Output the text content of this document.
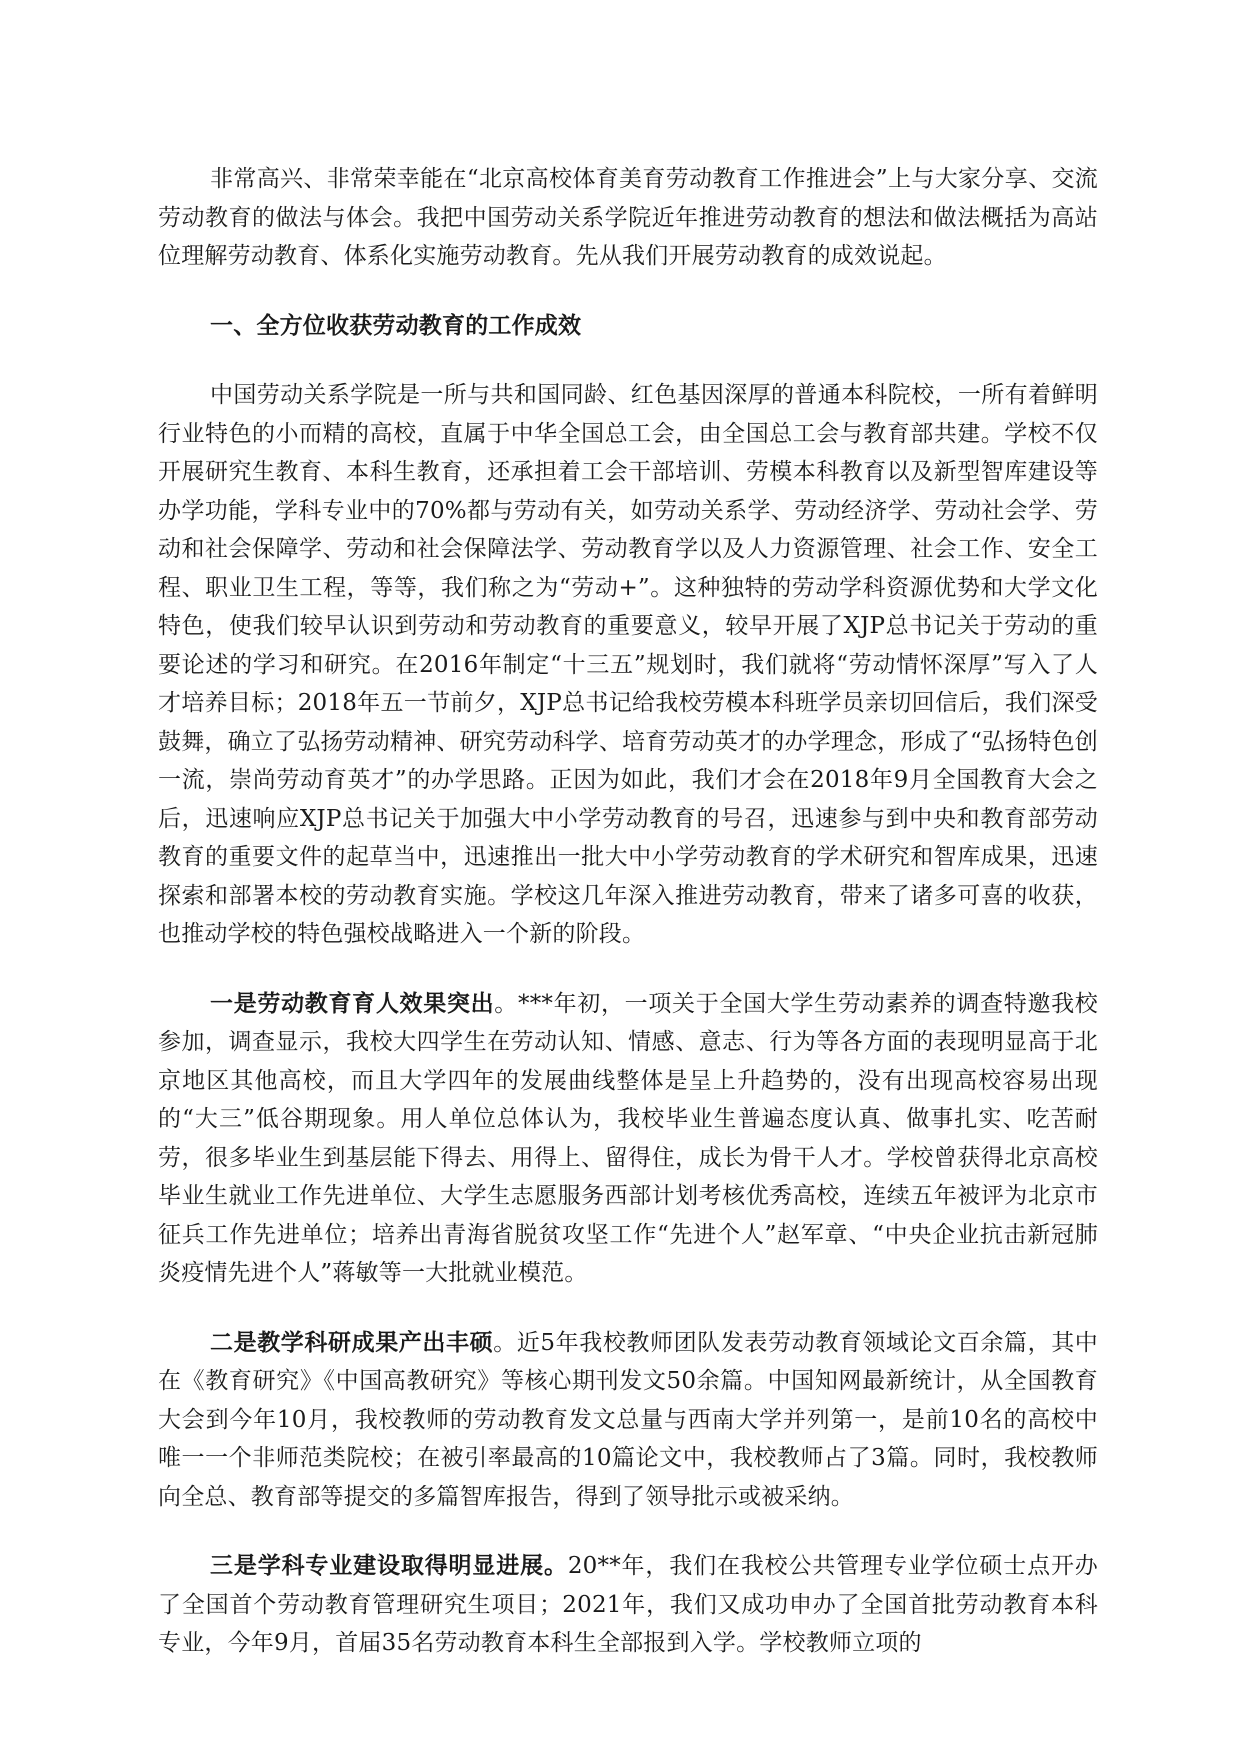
非常高兴、非常荣幸能在“北京高校体育美育劳动教育工作推进会”上与大家分享、交流劳动教育的做法与体会。我把中国劳动关系学院近年推进劳动教育的想法和做法概括为高站位理解劳动教育、体系化实施劳动教育。先从我们开展劳动教育的成效说起。

一、全方位收获劳动教育的工作成效

中国劳动关系学院是一所与共和国同龄、红色基因深厚的普通本科院校，一所有着鲜明行业特色的小而精的高校，直属于中华全国总工会，由全国总工会与教育部共建。学校不仅开展研究生教育、本科生教育，还承担着工会干部培训、劳模本科教育以及新型智库建设等办学功能，学科专业中的70%都与劳动有关，如劳动关系学、劳动经济学、劳动社会学、劳动和社会保障学、劳动和社会保障法学、劳动教育学以及人力资源管理、社会工作、安全工程、职业卫生工程，等等，我们称之为“劳动+”。这种独特的劳动学科资源优势和大学文化特色，使我们较早认识到劳动和劳动教育的重要意义，较早开展了XJP总书记关于劳动的重要论述的学习和研究。在2016年制定“十三五”规划时，我们就将“劳动情怀深厚”写入了人才培养目标；2018年五一节前夕，XJP总书记给我校劳模本科班学员亲切回信后，我们深受鼓舞，确立了弘扬劳动精神、研究劳动科学、培育劳动英才的办学理念，形成了“弘扬特色创一流，崇尚劳动育英才”的办学思路。正因为如此，我们才会在2018年9月全国教育大会之后，迅速响应XJP总书记关于加强大中小学劳动教育的号召，迅速参与到中央和教育部劳动教育的重要文件的起草当中，迅速推出一批大中小学劳动教育的学术研究和智库成果，迅速探索和部署本校的劳动教育实施。学校这几年深入推进劳动教育，带来了诸多可喜的收获，也推动学校的特色强校战略进入一个新的阶段。

一是劳动教育育人效果突出。***年初，一项关于全国大学生劳动素养的调查特邀我校参加，调查显示，我校大四学生在劳动认知、情感、意志、行为等各方面的表现明显高于北京地区其他高校，而且大学四年的发展曲线整体是呈上升趋势的，没有出现高校容易出现的“大三”低谷期现象。用人单位总体认为，我校毕业生普遍态度认真、做事扎实、吃苦耐劳，很多毕业生到基层能下得去、用得上、留得住，成长为骨干人才。学校曾获得北京高校毕业生就业工作先进单位、大学生志愿服务西部计划考核优秀高校，连续五年被评为北京市征兵工作先进单位；培养出青海省脱贫攻坚工作“先进个人”赵军章、“中央企业抗击新冠肺炎疫情先进个人”蒋敏等一大批就业模范。

二是教学科研成果产出丰硕。近5年我校教师团队发表劳动教育领域论文百余篇，其中在《教育研究》《中国高教研究》等核心期刊发文50余篇。中国知网最新统计，从全国教育大会到今年10月，我校教师的劳动教育发文总量与西南大学并列第一，是前10名的高校中唯一一个非师范类院校；在被引率最高的10篇论文中，我校教师占了3篇。同时，我校教师向全总、教育部等提交的多篇智库报告，得到了领导批示或被采纳。

三是学科专业建设取得明显进展。20**年，我们在我校公共管理专业学位硕士点开办了全国首个劳动教育管理研究生项目；2021年，我们又成功申办了全国首批劳动教育本科专业，今年9月，首届35名劳动教育本科生全部报到入学。学校教师立项的
